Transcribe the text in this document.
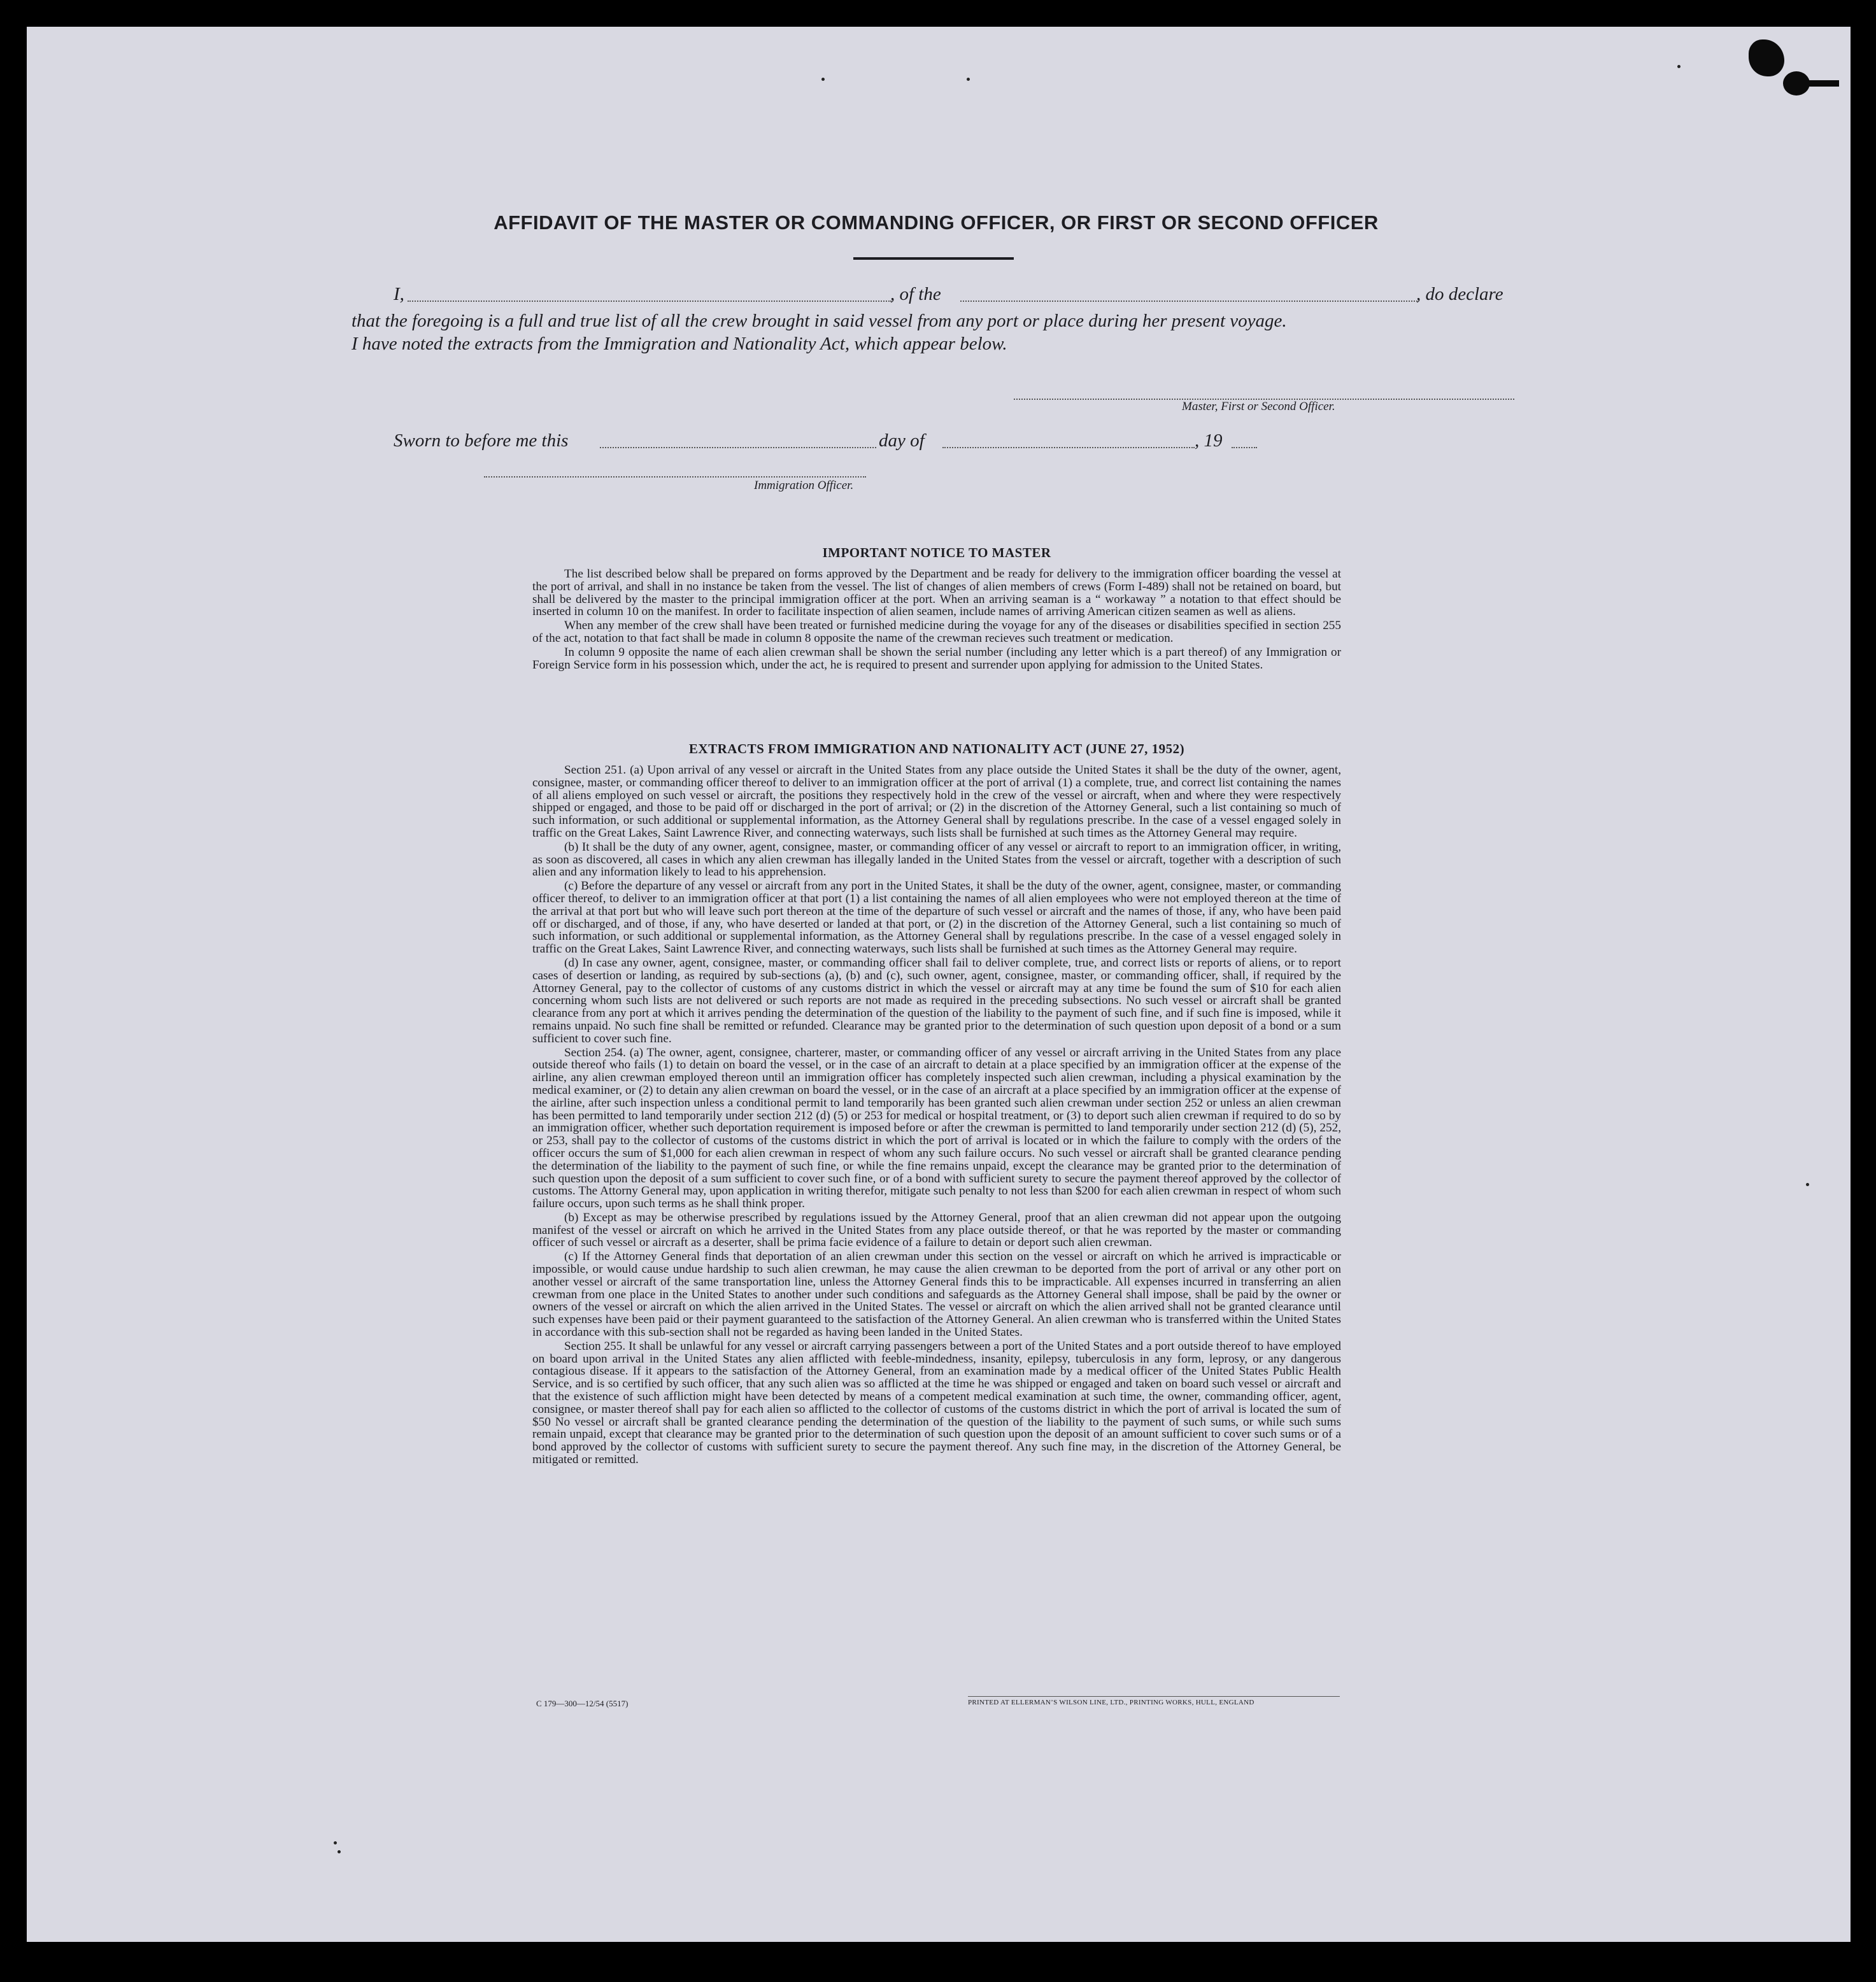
AFFIDAVIT OF THE MASTER OR COMMANDING OFFICER, OR FIRST OR SECOND OFFICER
I,	, of the	, do declare
that the foregoing is a full and true list of all the crew brought in said vessel from any port or place during her present voyage.
I have noted the extracts from the Immigration and Nationality Act, which appear below.
Master, First or Second Officer.
Sworn to before me this	day of	, 19
Immigration Officer.
IMPORTANT NOTICE TO MASTER

The list described below shall be prepared on forms approved by the Department and be ready for delivery to the immigration officer boarding the vessel at the port of arrival, and shall in no instance be taken from the vessel. The list of changes of alien members of crews (Form I-489) shall not be retained on board, but shall be delivered by the master to the principal immigration officer at the port. When an arriving seaman is a “ workaway ” a notation to that effect should be inserted in column 10 on the manifest. In order to facilitate inspection of alien seamen, include names of arriving American citizen seamen as well as aliens.

When any member of the crew shall have been treated or furnished medicine during the voyage for any of the diseases or disabilities specified in section 255 of the act, notation to that fact shall be made in column 8 opposite the name of the crewman recieves such treatment or medication.

In column 9 opposite the name of each alien crewman shall be shown the serial number (including any letter which is a part thereof) of any Immigration or Foreign Service form in his possession which, under the act, he is required to present and surrender upon applying for admission to the United States.

EXTRACTS FROM IMMIGRATION AND NATIONALITY ACT (JUNE 27, 1952)

Section 251. (a) Upon arrival of any vessel or aircraft in the United States from any place outside the United States it shall be the duty of the owner, agent, consignee, master, or commanding officer thereof to deliver to an immigration officer at the port of arrival (1) a complete, true, and correct list containing the names of all aliens employed on such vessel or aircraft, the positions they respectively hold in the crew of the vessel or aircraft, when and where they were respectively shipped or engaged, and those to be paid off or discharged in the port of arrival; or (2) in the discretion of the Attorney General, such a list containing so much of such information, or such additional or supplemental information, as the Attorney General shall by regulations prescribe. In the case of a vessel engaged solely in traffic on the Great Lakes, Saint Lawrence River, and connecting waterways, such lists shall be furnished at such times as the Attorney General may require.

(b) It shall be the duty of any owner, agent, consignee, master, or commanding officer of any vessel or aircraft to report to an immigration officer, in writing, as soon as discovered, all cases in which any alien crewman has illegally landed in the United States from the vessel or aircraft, together with a description of such alien and any information likely to lead to his apprehension.

(c) Before the departure of any vessel or aircraft from any port in the United States, it shall be the duty of the owner, agent, consignee, master, or commanding officer thereof, to deliver to an immigration officer at that port (1) a list containing the names of all alien employees who were not employed thereon at the time of the arrival at that port but who will leave such port thereon at the time of the departure of such vessel or aircraft and the names of those, if any, who have been paid off or discharged, and of those, if any, who have deserted or landed at that port, or (2) in the discretion of the Attorney General, such a list containing so much of such information, or such additional or supplemental information, as the Attorney General shall by regulations prescribe. In the case of a vessel engaged solely in traffic on the Great Lakes, Saint Lawrence River, and connecting waterways, such lists shall be furnished at such times as the Attorney General may require.

(d) In case any owner, agent, consignee, master, or commanding officer shall fail to deliver complete, true, and correct lists or reports of aliens, or to report cases of desertion or landing, as required by sub-sections (a), (b) and (c), such owner, agent, consignee, master, or commanding officer, shall, if required by the Attorney General, pay to the collector of customs of any customs district in which the vessel or aircraft may at any time be found the sum of $10 for each alien concerning whom such lists are not delivered or such reports are not made as required in the preceding subsections. No such vessel or aircraft shall be granted clearance from any port at which it arrives pending the determination of the question of the liability to the payment of such fine, and if such fine is imposed, while it remains unpaid. No such fine shall be remitted or refunded. Clearance may be granted prior to the determination of such question upon deposit of a bond or a sum sufficient to cover such fine.

Section 254. (a) The owner, agent, consignee, charterer, master, or commanding officer of any vessel or aircraft arriving in the United States from any place outside thereof who fails (1) to detain on board the vessel, or in the case of an aircraft to detain at a place specified by an immigration officer at the expense of the airline, any alien crewman employed thereon until an immigration officer has completely inspected such alien crewman, including a physical examination by the medical examiner, or (2) to detain any alien crewman on board the vessel, or in the case of an aircraft at a place specified by an immigration officer at the expense of the airline, after such inspection unless a conditional permit to land temporarily has been granted such alien crewman under section 252 or unless an alien crewman has been permitted to land temporarily under section 212 (d) (5) or 253 for medical or hospital treatment, or (3) to deport such alien crewman if required to do so by an immigration officer, whether such deportation requirement is imposed before or after the crewman is permitted to land temporarily under section 212 (d) (5), 252, or 253, shall pay to the collector of customs of the customs district in which the port of arrival is located or in which the failure to comply with the orders of the officer occurs the sum of $1,000 for each alien crewman in respect of whom any such failure occurs. No such vessel or aircraft shall be granted clearance pending the determination of the liability to the payment of such fine, or while the fine remains unpaid, except the clearance may be granted prior to the determination of such question upon the deposit of a sum sufficient to cover such fine, or of a bond with sufficient surety to secure the payment thereof approved by the collector of customs. The Attorny General may, upon application in writing therefor, mitigate such penalty to not less than $200 for each alien crewman in respect of whom such failure occurs, upon such terms as he shall think proper.

(b) Except as may be otherwise prescribed by regulations issued by the Attorney General, proof that an alien crewman did not appear upon the outgoing manifest of the vessel or aircraft on which he arrived in the United States from any place outside thereof, or that he was reported by the master or commanding officer of such vessel or aircraft as a deserter, shall be prima facie evidence of a failure to detain or deport such alien crewman.

(c) If the Attorney General finds that deportation of an alien crewman under this section on the vessel or aircraft on which he arrived is impracticable or impossible, or would cause undue hardship to such alien crewman, he may cause the alien crewman to be deported from the port of arrival or any other port on another vessel or aircraft of the same transportation line, unless the Attorney General finds this to be impracticable. All expenses incurred in transferring an alien crewman from one place in the United States to another under such conditions and safeguards as the Attorney General shall impose, shall be paid by the owner or owners of the vessel or aircraft on which the alien arrived in the United States. The vessel or aircraft on which the alien arrived shall not be granted clearance until such expenses have been paid or their payment guaranteed to the satisfaction of the Attorney General. An alien crewman who is transferred within the United States in accordance with this sub-section shall not be regarded as having been landed in the United States.

Section 255. It shall be unlawful for any vessel or aircraft carrying passengers between a port of the United States and a port outside thereof to have employed on board upon arrival in the United States any alien afflicted with feeble-mindedness, insanity, epilepsy, tuberculosis in any form, leprosy, or any dangerous contagious disease. If it appears to the satisfaction of the Attorney General, from an examination made by a medical officer of the United States Public Health Service, and is so certified by such officer, that any such alien was so afflicted at the time he was shipped or engaged and taken on board such vessel or aircraft and that the existence of such affliction might have been detected by means of a competent medical examination at such time, the owner, commanding officer, agent, consignee, or master thereof shall pay for each alien so afflicted to the collector of customs of the customs district in which the port of arrival is located the sum of $50 No vessel or aircraft shall be granted clearance pending the determination of the question of the liability to the payment of such sums, or while such sums remain unpaid, except that clearance may be granted prior to the determination of such question upon the deposit of an amount sufficient to cover such sums or of a bond approved by the collector of customs with sufficient surety to secure the payment thereof. Any such fine may, in the discretion of the Attorney General, be mitigated or remitted.

C 179—300—12/54 (5517)	PRINTED AT ELLERMAN’S WILSON LINE, LTD., PRINTING WORKS, HULL, ENGLAND
